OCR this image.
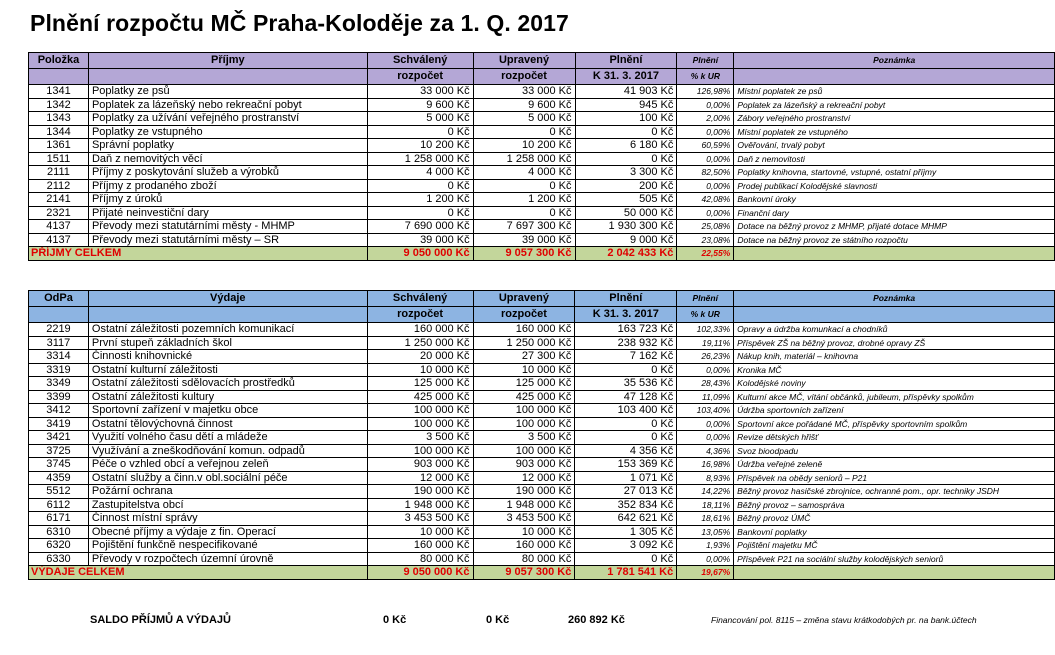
Plnění rozpočtu MČ Praha-Koloděje za 1. Q. 2017
Položka	Příjmy	Schválený	Upravený	Plnění	Plnění	Poznámka
		rozpočet	rozpočet	K 31. 3. 2017	% k UR	
1341	Poplatky ze psů	33 000 Kč	33 000 Kč	41 903 Kč	126,98%	Místní poplatek ze psů
1342	Poplatek za lázeňský nebo rekreační pobyt	9 600 Kč	9 600 Kč	945 Kč	0,00%	Poplatek za lázeňský a rekreační pobyt
1343	Poplatky za užívání veřejného prostranství	5 000 Kč	5 000 Kč	100 Kč	2,00%	Zábory veřejného prostranství
1344	Poplatky ze vstupného	0 Kč	0 Kč	0 Kč	0,00%	Místní poplatek ze vstupného
1361	Správní poplatky	10 200 Kč	10 200 Kč	6 180 Kč	60,59%	Ověřování, trvalý pobyt
1511	Daň z nemovitých věcí	1 258 000 Kč	1 258 000 Kč	0 Kč	0,00%	Daň z nemovitosti
2111	Příjmy z poskytování služeb a výrobků	4 000 Kč	4 000 Kč	3 300 Kč	82,50%	Poplatky knihovna, startovné, vstupné, ostatní příjmy
2112	Příjmy z prodaného zboží	0 Kč	0 Kč	200 Kč	0,00%	Prodej publikací Kolodějské slavnosti
2141	Příjmy z úroků	1 200 Kč	1 200 Kč	505 Kč	42,08%	Bankovní úroky
2321	Přijaté neinvestiční dary	0 Kč	0 Kč	50 000 Kč	0,00%	Finanční dary
4137	Převody mezi statutárními městy - MHMP	7 690 000 Kč	7 697 300 Kč	1 930 300 Kč	25,08%	Dotace na běžný provoz z MHMP, přijaté dotace MHMP
4137	Převody mezi statutárními městy – SR	39 000 Kč	39 000 Kč	9 000 Kč	23,08%	Dotace na běžný provoz ze státního rozpočtu
PŘÍJMY CELKEM		9 050 000 Kč	9 057 300 Kč	2 042 433 Kč	22,55%	
OdPa	Výdaje	Schválený	Upravený	Plnění	Plnění	Poznámka
		rozpočet	rozpočet	K 31. 3. 2017	% k UR	
2219	Ostatní záležitosti pozemních komunikací	160 000 Kč	160 000 Kč	163 723 Kč	102,33%	Opravy a údržba komunkací a chodníků
3117	První stupeň základních škol	1 250 000 Kč	1 250 000 Kč	238 932 Kč	19,11%	Příspěvek ZŠ na běžný provoz, drobné opravy ZŠ
3314	Činnosti knihovnické	20 000 Kč	27 300 Kč	7 162 Kč	26,23%	Nákup knih, materiál – knihovna
3319	Ostatní kulturní záležitosti	10 000 Kč	10 000 Kč	0 Kč	0,00%	Kronika MČ
3349	Ostatní záležitosti sdělovacích prostředků	125 000 Kč	125 000 Kč	35 536 Kč	28,43%	Kolodějské noviny
3399	Ostatní záležitosti kultury	425 000 Kč	425 000 Kč	47 128 Kč	11,09%	Kulturní akce MČ, vítání občánků, jubileum, příspěvky spolkům
3412	Sportovní zařízení v majetku obce	100 000 Kč	100 000 Kč	103 400 Kč	103,40%	Údržba sportovních zařízení
3419	Ostatní tělovýchovná činnost	100 000 Kč	100 000 Kč	0 Kč	0,00%	Sportovní akce pořádané MČ, příspěvky sportovním spolkům
3421	Využití volného času dětí a mládeže	3 500 Kč	3 500 Kč	0 Kč	0,00%	Revize dětských hřišť
3725	Využívání a zneškodňování komun. odpadů	100 000 Kč	100 000 Kč	4 356 Kč	4,36%	Svoz bioodpadu
3745	Péče o vzhled obcí a veřejnou zeleň	903 000 Kč	903 000 Kč	153 369 Kč	16,98%	Údržba veřejné zeleně
4359	Ostatní služby a činn.v obl.sociální péče	12 000 Kč	12 000 Kč	1 071 Kč	8,93%	Příspěvek na obědy seniorů – P21
5512	Požární ochrana	190 000 Kč	190 000 Kč	27 013 Kč	14,22%	Běžný provoz hasičské zbrojnice, ochranné pom., opr. techniky JSDH
6112	Zastupitelstva obcí	1 948 000 Kč	1 948 000 Kč	352 834 Kč	18,11%	Běžný provoz – samospráva
6171	Činnost místní správy	3 453 500 Kč	3 453 500 Kč	642 621 Kč	18,61%	Běžný provoz ÚMČ
6310	Obecné příjmy a výdaje z fin. Operací	10 000 Kč	10 000 Kč	1 305 Kč	13,05%	Bankovní poplatky
6320	Pojištění funkčně nespecifikované	160 000 Kč	160 000 Kč	3 092 Kč	1,93%	Pojištění majetku MČ
6330	Převody v rozpočtech územní úrovně	80 000 Kč	80 000 Kč	0 Kč	0,00%	Příspěvek P21 na sociální služby kolodějských seniorů
VÝDAJE CELKEM		9 050 000 Kč	9 057 300 Kč	1 781 541 Kč	19,67%	
SALDO PŘÍJMŮ A VÝDAJŮ	0 Kč	0 Kč	260 892 Kč	Financování pol. 8115 – změna stavu krátkodobých pr. na bank.účtech
